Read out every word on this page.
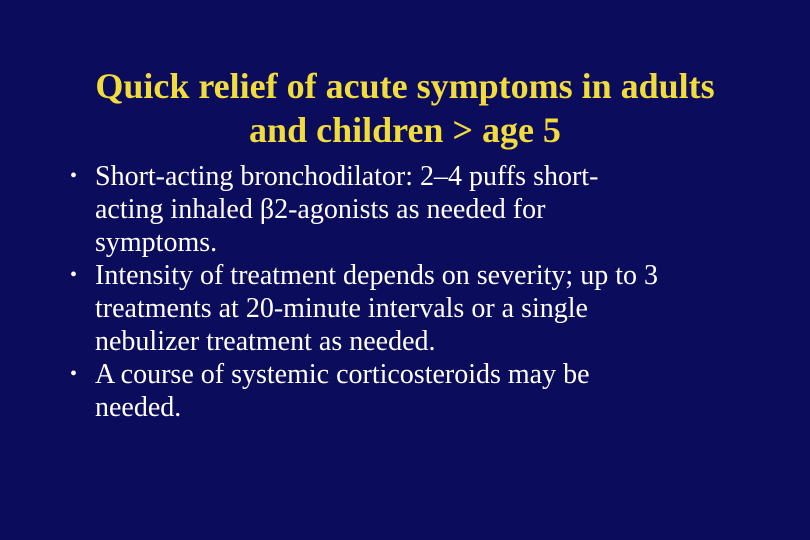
Quick relief of acute symptoms in adults
and children > age 5
• Short-acting bronchodilator: 2–4 puffs short-
acting inhaled β2-agonists as needed for
symptoms.
• Intensity of treatment depends on severity; up to 3
treatments at 20-minute intervals or a single
nebulizer treatment as needed.
• A course of systemic corticosteroids may be
needed.
